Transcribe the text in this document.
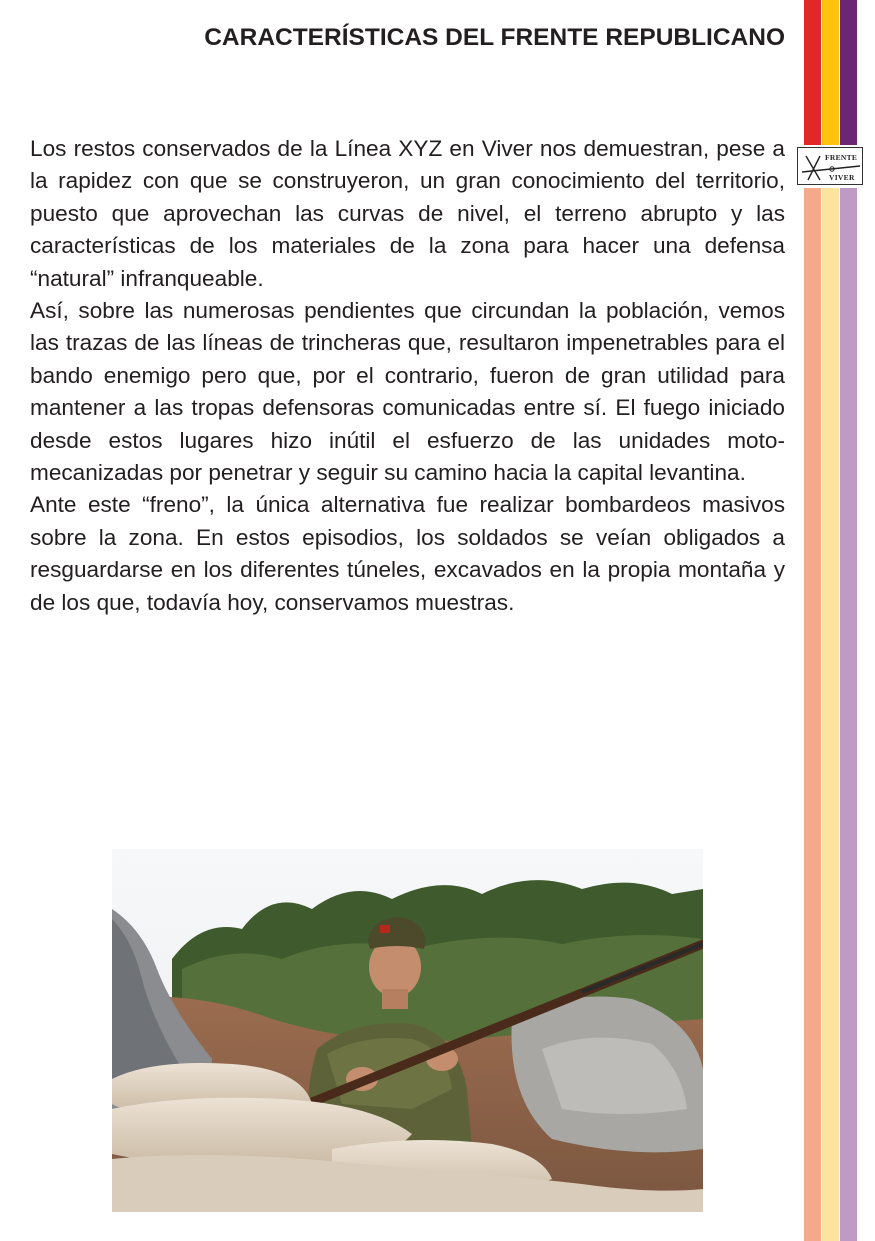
CARACTERÍSTICAS DEL FRENTE REPUBLICANO

Los restos conservados de la Línea XYZ en Viver nos demuestran, pese a la rapidez con que se construyeron, un gran conocimiento del territorio, puesto que aprovechan las curvas de nivel, el terreno abrupto y las características de los materiales de la zona para hacer una defensa “natural” infranqueable.

Así, sobre las numerosas pendientes que circundan la población, vemos las trazas de las líneas de trincheras que, resultaron impenetrables para el bando enemigo pero que, por el contrario, fueron de gran utilidad para mantener a las tropas defensoras comunicadas entre sí. El fuego iniciado desde estos lugares hizo inútil el esfuerzo de las unidades moto-mecanizadas por penetrar y seguir su camino hacia la capital levantina.

Ante este “freno”, la única alternativa fue realizar bombardeos masivos sobre la zona. En estos episodios, los soldados se veían obligados a resguardarse en los diferentes túneles, excavados en la propia montaña y de los que, todavía hoy, conservamos muestras.

FRENTE
VIVER
